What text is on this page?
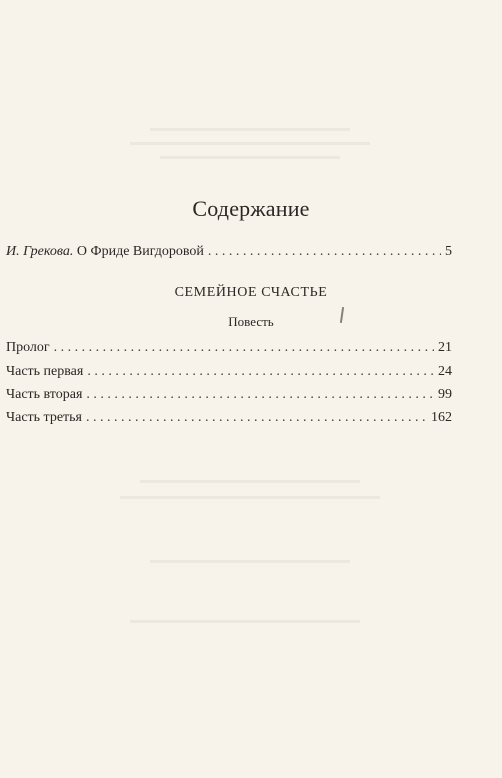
Содержание
И. Грекова. О Фриде Вигдоровой . . .	5
СЕМЕЙНОЕ СЧАСТЬЕ
Повесть
Пролог . . .	21
Часть первая . . .	24
Часть вторая . . .	99
Часть третья . . .	162
